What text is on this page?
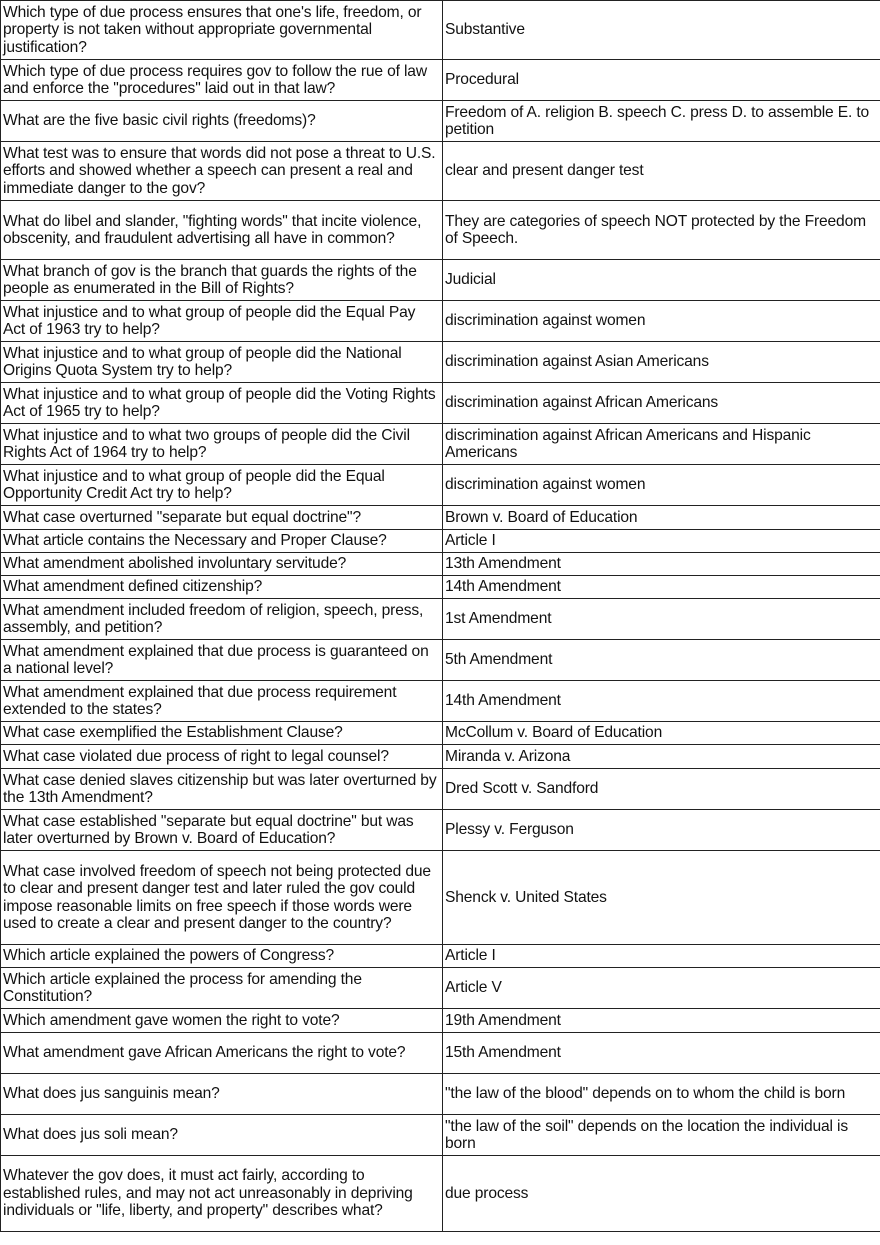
Which type of due process ensures that one's life, freedom, or property is not taken without appropriate governmental justification?	Substantive
Which type of due process requires gov to follow the rue of law and enforce the "procedures" laid out in that law?	Procedural
What are the five basic civil rights (freedoms)?	Freedom of A. religion B. speech C. press D. to assemble E. to petition
What test was to ensure that words did not pose a threat to U.S. efforts and showed whether a speech can present a real and immediate danger to the gov?	clear and present danger test
What do libel and slander, "fighting words" that incite violence, obscenity, and fraudulent advertising all have in common?	They are categories of speech NOT protected by the Freedom of Speech.
What branch of gov is the branch that guards the rights of the people as enumerated in the Bill of Rights?	Judicial
What injustice and to what group of people did the Equal Pay Act of 1963 try to help?	discrimination against women
What injustice and to what group of people did the National Origins Quota System try to help?	discrimination against Asian Americans
What injustice and to what group of people did the Voting Rights Act of 1965 try to help?	discrimination against African Americans
What injustice and to what two groups of people did the Civil Rights Act of 1964 try to help?	discrimination against African Americans and Hispanic Americans
What injustice and to what group of people did the Equal Opportunity Credit Act try to help?	discrimination against women
What case overturned "separate but equal doctrine"?	Brown v. Board of Education
What article contains the Necessary and Proper Clause?	Article I
What amendment abolished involuntary servitude?	13th Amendment
What amendment defined citizenship?	14th Amendment
What amendment included freedom of religion, speech, press, assembly, and petition?	1st Amendment
What amendment explained that due process is guaranteed on a national level?	5th Amendment
What amendment explained that due process requirement extended to the states?	14th Amendment
What case exemplified the Establishment Clause?	McCollum v. Board of Education
What case violated due process of right to legal counsel?	Miranda v. Arizona
What case denied slaves citizenship but was later overturned by the 13th Amendment?	Dred Scott v. Sandford
What case established "separate but equal doctrine" but was later overturned by Brown v. Board of Education?	Plessy v. Ferguson
What case involved freedom of speech not being protected due to clear and present danger test and later ruled the gov could impose reasonable limits on free speech if those words were used to create a clear and present danger to the country?	Shenck v. United States
Which article explained the powers of Congress?	Article I
Which article explained the process for amending the Constitution?	Article V
Which amendment gave women the right to vote?	19th Amendment
What amendment gave African Americans the right to vote?	15th Amendment
What does jus sanguinis mean?	"the law of the blood" depends on to whom the child is born
What does jus soli mean?	"the law of the soil" depends on the location the individual is born
Whatever the gov does, it must act fairly, according to established rules, and may not act unreasonably in depriving individuals or "life, liberty, and property" describes what?	due process
